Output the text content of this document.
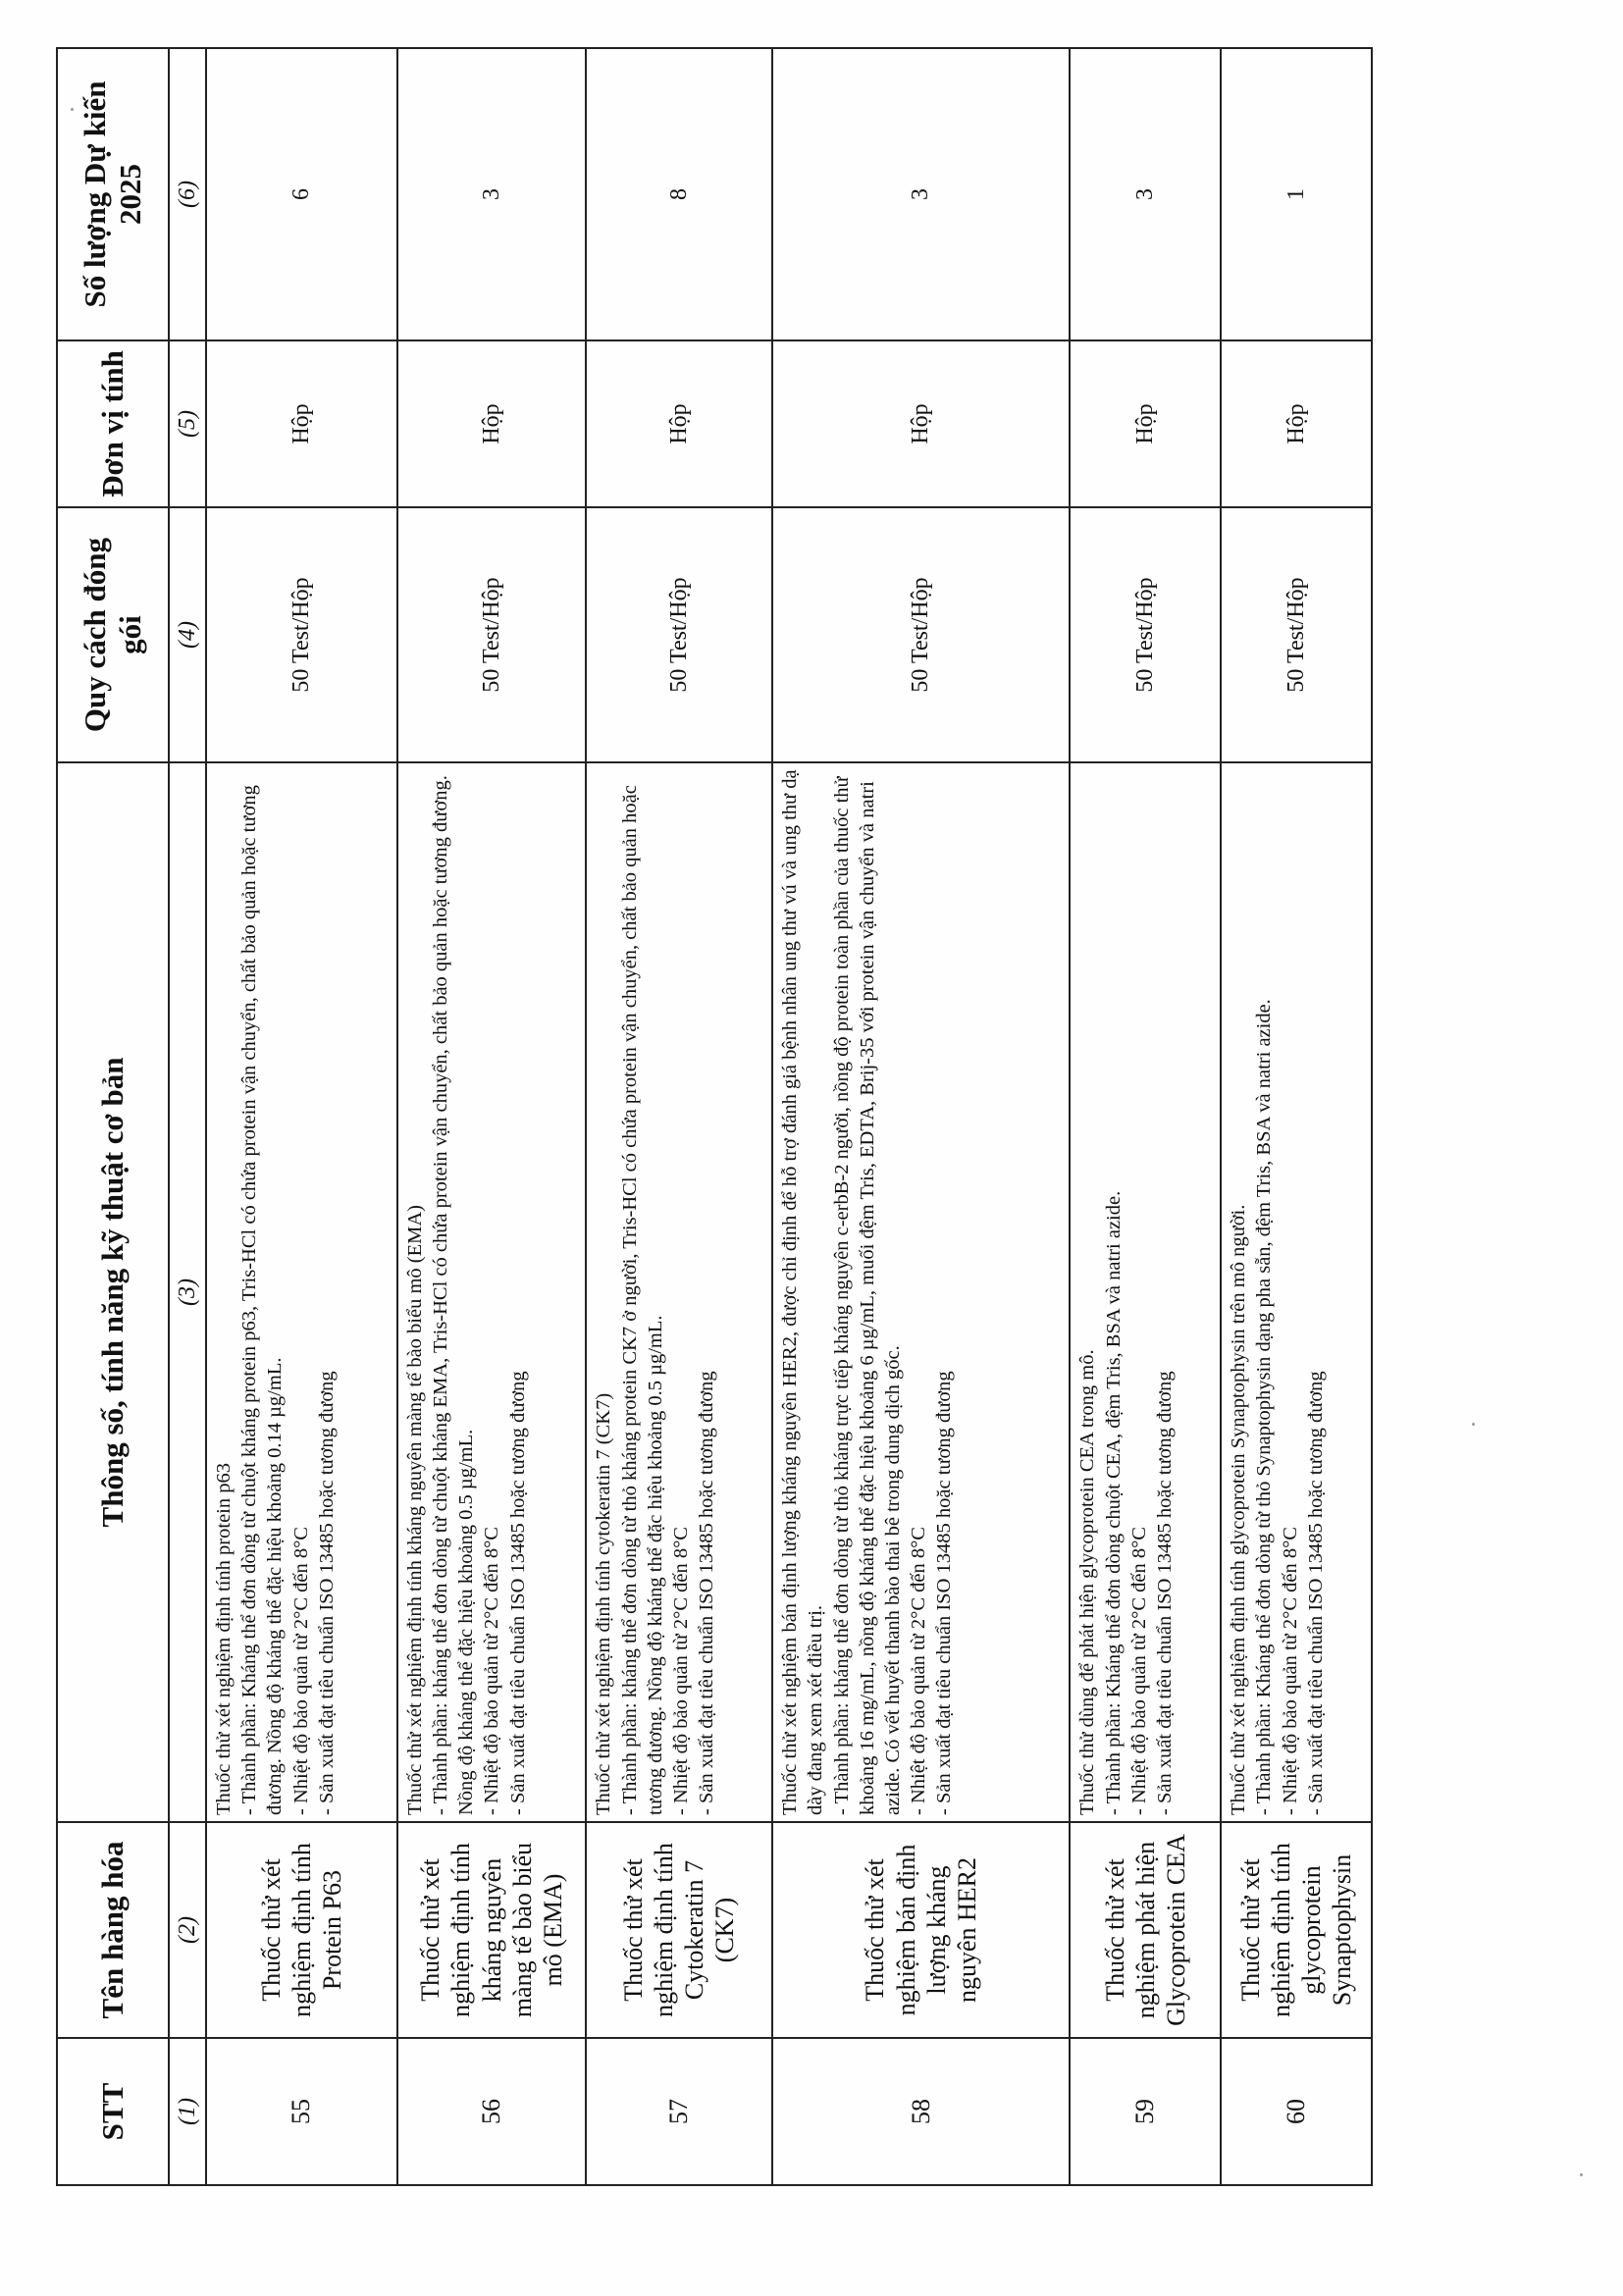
STT	Tên hàng hóa	Thông số, tính năng kỹ thuật cơ bản	Quy cách đóng gói	Đơn vị tính	Số lượng Dự kiến 2025
(1)	(2)	(3)	(4)	(5)	(6)
55	Thuốc thử xét nghiệm định tính Protein P63	Thuốc thử xét nghiệm định tính protein p63 - Thành phần: Kháng thể đơn dòng từ chuột kháng protein p63, Tris-HCl có chứa protein vận chuyển, chất bảo quản hoặc tương đương. Nồng độ kháng thể đặc hiệu khoảng 0.14 µg/mL. - Nhiệt độ bảo quản từ 2°C đến 8°C - Sản xuất đạt tiêu chuẩn ISO 13485 hoặc tương đương	50 Test/Hộp	Hộp	6
56	Thuốc thử xét nghiệm định tính kháng nguyên màng tế bào biểu mô (EMA)	Thuốc thử xét nghiệm định tính kháng nguyên màng tế bào biểu mô (EMA) - Thành phần: kháng thể đơn dòng từ chuột kháng EMA, Tris-HCl có chứa protein vận chuyển, chất bảo quản hoặc tương đương. Nồng độ kháng thể đặc hiệu khoảng 0.5 µg/mL. - Nhiệt độ bảo quản từ 2°C đến 8°C - Sản xuất đạt tiêu chuẩn ISO 13485 hoặc tương đương	50 Test/Hộp	Hộp	3
57	Thuốc thử xét nghiệm định tính Cytokeratin 7 (CK7)	Thuốc thử xét nghiệm định tính cytokeratin 7 (CK7) - Thành phần: kháng thể đơn dòng từ thỏ kháng protein CK7 ở người, Tris-HCl có chứa protein vận chuyển, chất bảo quản hoặc tương đương. Nồng độ kháng thể đặc hiệu khoảng 0.5 µg/mL. - Nhiệt độ bảo quản từ 2°C đến 8°C - Sản xuất đạt tiêu chuẩn ISO 13485 hoặc tương đương	50 Test/Hộp	Hộp	8
58	Thuốc thử xét nghiệm bán định lượng kháng nguyên HER2	Thuốc thử xét nghiệm bán định lượng kháng nguyên HER2, được chỉ định để hỗ trợ đánh giá bệnh nhân ung thư vú và ung thư dạ dày đang xem xét điều trị. - Thành phần: kháng thể đơn dòng từ thỏ kháng trực tiếp kháng nguyên c-erbB-2 người, nồng độ protein toàn phần của thuốc thử khoảng 16 mg/mL, nồng độ kháng thể đặc hiệu khoảng 6 µg/mL, muối đệm Tris, EDTA, Brij-35 với protein vận chuyển và natri azide. Có vết huyết thanh bào thai bê trong dung dịch gốc. - Nhiệt độ bảo quản từ 2°C đến 8°C - Sản xuất đạt tiêu chuẩn ISO 13485 hoặc tương đương	50 Test/Hộp	Hộp	3
59	Thuốc thử xét nghiệm phát hiện Glycoprotein CEA	Thuốc thử dùng để phát hiện glycoprotein CEA trong mô. - Thành phần: Kháng thể đơn dòng chuột CEA, đệm Tris, BSA và natri azide. - Nhiệt độ bảo quản từ 2°C đến 8°C - Sản xuất đạt tiêu chuẩn ISO 13485 hoặc tương đương	50 Test/Hộp	Hộp	3
60	Thuốc thử xét nghiệm định tính glycoprotein Synaptophysin	Thuốc thử xét nghiệm định tính glycoprotein Synaptophysin trên mô người. - Thành phần: Kháng thể đơn dòng từ thỏ Synaptophysin dạng pha sẵn, đệm Tris, BSA và natri azide. - Nhiệt độ bảo quản từ 2°C đến 8°C - Sản xuất đạt tiêu chuẩn ISO 13485 hoặc tương đương	50 Test/Hộp	Hộp	1
